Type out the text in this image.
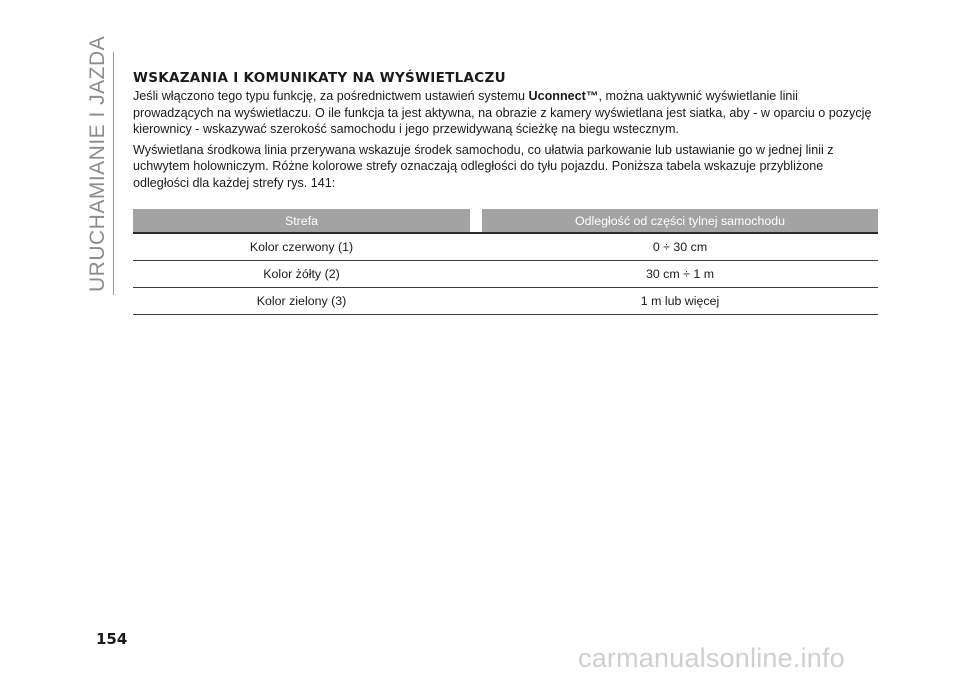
URUCHAMIANIE I JAZDA WSKAZANIA I KOMUNIKATY NA WYŚWIETLACZU

Jeśli włączono tego typu funkcję, za pośrednictwem ustawień systemu Uconnect™, można uaktywnić wyświetlanie linii prowadzących na wyświetlaczu. O ile funkcja ta jest aktywna, na obrazie z kamery wyświetlana jest siatka, aby - w oparciu o pozycję kierownicy - wskazywać szerokość samochodu i jego przewidywaną ścieżkę na biegu wstecznym.

Wyświetlana środkowa linia przerywana wskazuje środek samochodu, co ułatwia parkowanie lub ustawianie go w jednej linii z uchwytem holowniczym. Różne kolorowe strefy oznaczają odległości do tyłu pojazdu. Poniższa tabela wskazuje przybliżone odległości dla każdej strefy rys. 141:

Strefa		Odległość od części tylnej samochodu
Kolor czerwony (1)		0 ÷ 30 cm
Kolor żółty (2)		30 cm ÷ 1 m
Kolor zielony (3)		1 m lub więcej
154
carmanualsonline.info
